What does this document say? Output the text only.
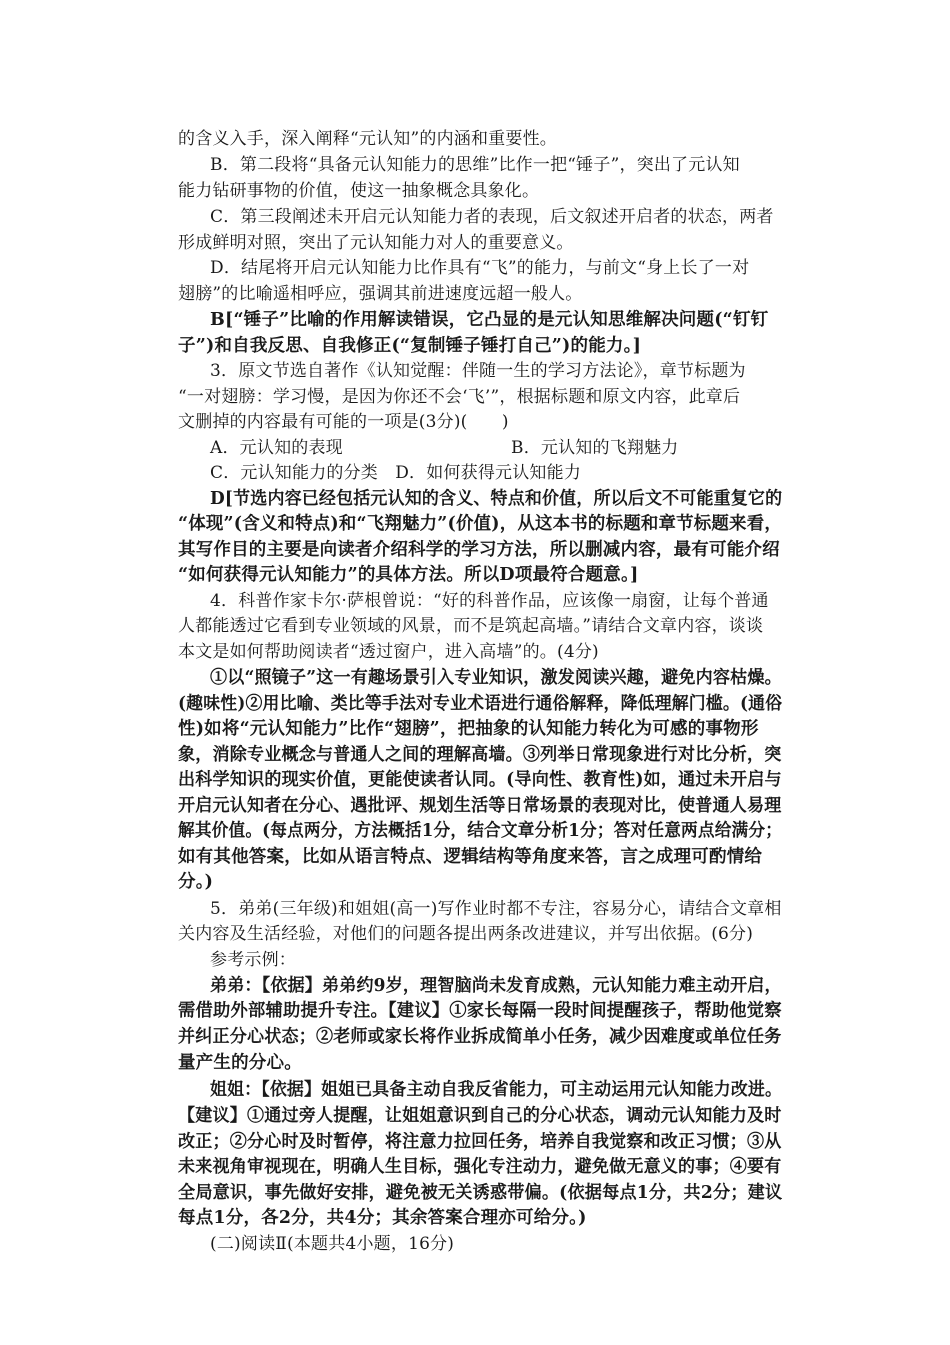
的含义入手，深入阐释“元认知”的内涵和重要性。
B．第二段将“具备元认知能力的思维”比作一把“锤子”，突出了元认知
能力钻研事物的价值，使这一抽象概念具象化。
C．第三段阐述未开启元认知能力者的表现，后文叙述开启者的状态，两者
形成鲜明对照，突出了元认知能力对人的重要意义。
D．结尾将开启元认知能力比作具有“飞”的能力，与前文“身上长了一对
翅膀”的比喻遥相呼应，强调其前进速度远超一般人。
B[“锤子”比喻的作用解读错误，它凸显的是元认知思维解决问题(“钉钉
子”)和自我反思、自我修正(“复制锤子锤打自己”)的能力。]
3．原文节选自著作《认知觉醒：伴随一生的学习方法论》，章节标题为
“一对翅膀：学习慢，是因为你还不会‘飞’”，根据标题和原文内容，此章后
文删掉的内容最有可能的一项是(3分)(　　)
A．元认知的表现	B．元认知的飞翔魅力
C．元认知能力的分类　D．如何获得元认知能力
D[节选内容已经包括元认知的含义、特点和价值，所以后文不可能重复它的
“体现”(含义和特点)和“飞翔魅力”(价值)，从这本书的标题和章节标题来看，
其写作目的主要是向读者介绍科学的学习方法，所以删减内容，最有可能介绍
“如何获得元认知能力”的具体方法。所以D项最符合题意。]
4．科普作家卡尔·萨根曾说：“好的科普作品，应该像一扇窗，让每个普通
人都能透过它看到专业领域的风景，而不是筑起高墙。”请结合文章内容，谈谈
本文是如何帮助阅读者“透过窗户，进入高墙”的。(4分)
①以“照镜子”这一有趣场景引入专业知识，激发阅读兴趣，避免内容枯燥。
(趣味性)②用比喻、类比等手法对专业术语进行通俗解释，降低理解门槛。(通俗
性)如将“元认知能力”比作“翅膀”，把抽象的认知能力转化为可感的事物形
象，消除专业概念与普通人之间的理解高墙。③列举日常现象进行对比分析，突
出科学知识的现实价值，更能使读者认同。(导向性、教育性)如，通过未开启与
开启元认知者在分心、遇批评、规划生活等日常场景的表现对比，使普通人易理
解其价值。(每点两分，方法概括1分，结合文章分析1分；答对任意两点给满分；
如有其他答案，比如从语言特点、逻辑结构等角度来答，言之成理可酌情给
分。)
5．弟弟(三年级)和姐姐(高一)写作业时都不专注，容易分心，请结合文章相
关内容及生活经验，对他们的问题各提出两条改进建议，并写出依据。(6分)
参考示例：
弟弟：【依据】弟弟约9岁，理智脑尚未发育成熟，元认知能力难主动开启，
需借助外部辅助提升专注。【建议】①家长每隔一段时间提醒孩子，帮助他觉察
并纠正分心状态；②老师或家长将作业拆成简单小任务，减少因难度或单位任务
量产生的分心。
姐姐：【依据】姐姐已具备主动自我反省能力，可主动运用元认知能力改进。
【建议】①通过旁人提醒，让姐姐意识到自己的分心状态，调动元认知能力及时
改正；②分心时及时暂停，将注意力拉回任务，培养自我觉察和改正习惯；③从
未来视角审视现在，明确人生目标，强化专注动力，避免做无意义的事；④要有
全局意识，事先做好安排，避免被无关诱惑带偏。(依据每点1分，共2分；建议
每点1分，各2分，共4分；其余答案合理亦可给分。)
(二)阅读Ⅱ(本题共4小题，16分)
